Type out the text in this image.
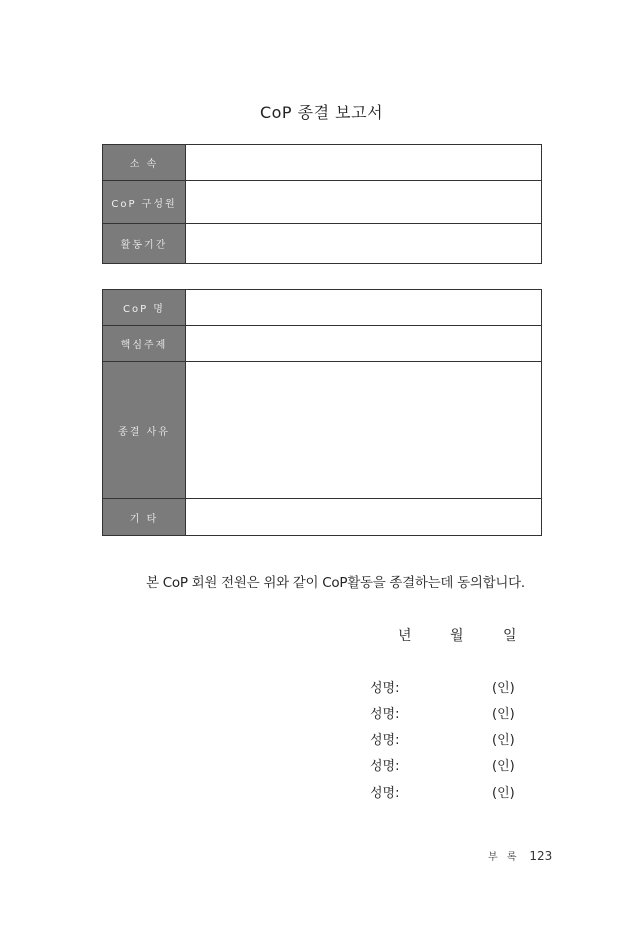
CoP 종결 보고서
소 속	
CoP 구성원	
활동기간	
CoP 명	
핵심주제	
종결 사유	
기 타	
본 CoP 회원 전원은 위와 같이 CoP활동을 종결하는데 동의합니다.
년	월	일
성명:	(인)
성명:	(인)
성명:	(인)
성명:	(인)
성명:	(인)
부 록 123
